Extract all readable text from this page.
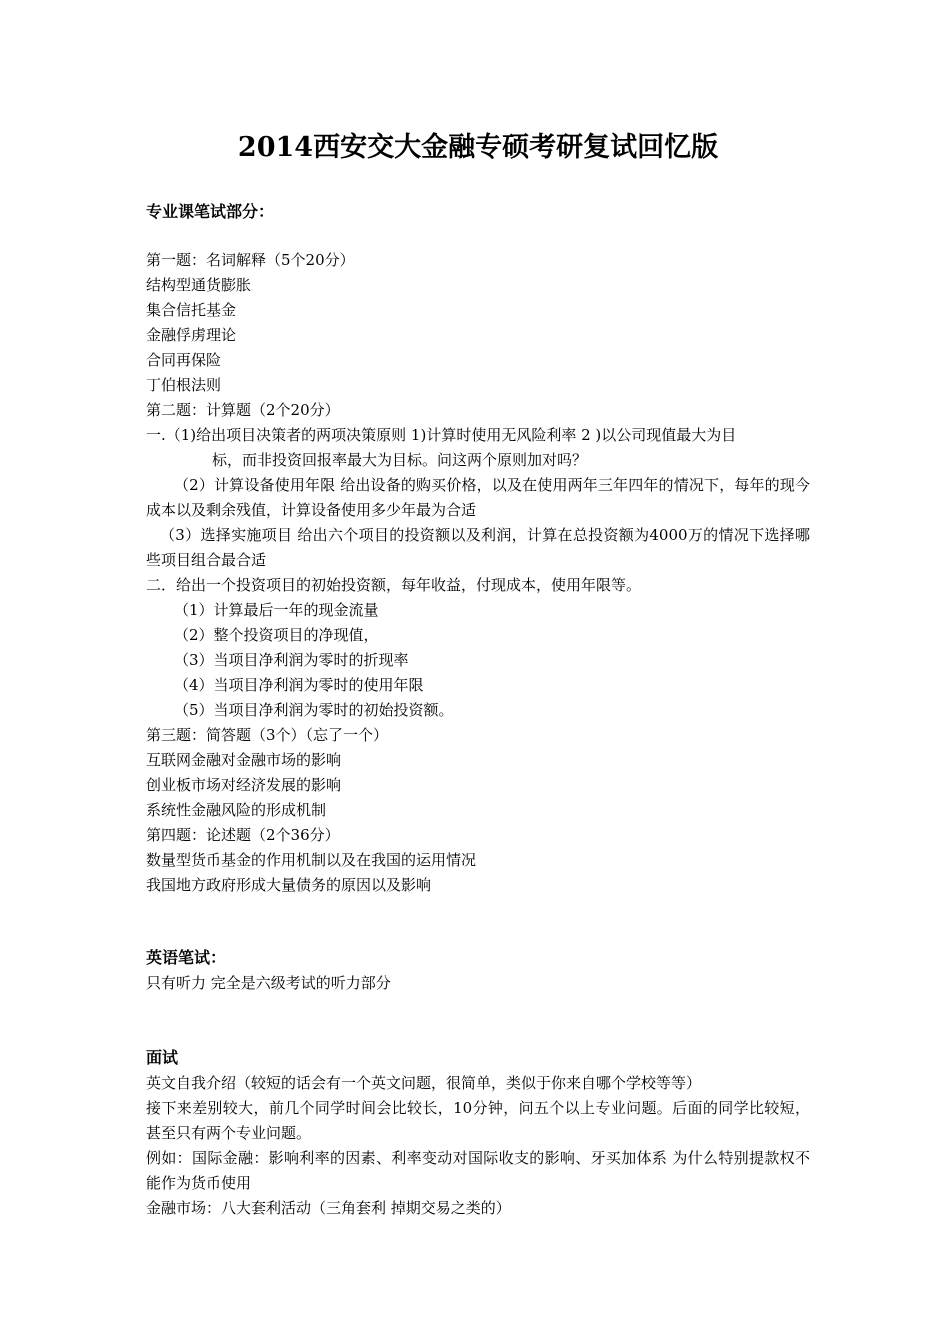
2014西安交大金融专硕考研复试回忆版
专业课笔试部分：
第一题：名词解释（5个20分）
结构型通货膨胀
集合信托基金
金融俘虏理论
合同再保险
丁伯根法则
第二题：计算题（2个20分）
一.（1)给出项目决策者的两项决策原则 1)计算时使用无风险利率 2 )以公司现值最大为目
标，而非投资回报率最大为目标。问这两个原则加对吗？
（2）计算设备使用年限 给出设备的购买价格，以及在使用两年三年四年的情况下，每年的现今成本以及剩余残值，计算设备使用多少年最为合适
（3）选择实施项目 给出六个项目的投资额以及利润，计算在总投资额为4000万的情况下选择哪些项目组合最合适
二．给出一个投资项目的初始投资额，每年收益，付现成本，使用年限等。
（1）计算最后一年的现金流量
（2）整个投资项目的净现值，
（3）当项目净利润为零时的折现率
（4）当项目净利润为零时的使用年限
（5）当项目净利润为零时的初始投资额。
第三题：简答题（3个）（忘了一个）
互联网金融对金融市场的影响
创业板市场对经济发展的影响
系统性金融风险的形成机制
第四题：论述题（2个36分）
数量型货币基金的作用机制以及在我国的运用情况
我国地方政府形成大量债务的原因以及影响
英语笔试：
只有听力 完全是六级考试的听力部分
面试
英文自我介绍（较短的话会有一个英文问题，很简单，类似于你来自哪个学校等等）
接下来差别较大，前几个同学时间会比较长，10分钟，问五个以上专业问题。后面的同学比较短，甚至只有两个专业问题。
例如：国际金融：影响利率的因素、利率变动对国际收支的影响、牙买加体系 为什么特别提款权不能作为货币使用
金融市场：八大套利活动（三角套利 掉期交易之类的）
